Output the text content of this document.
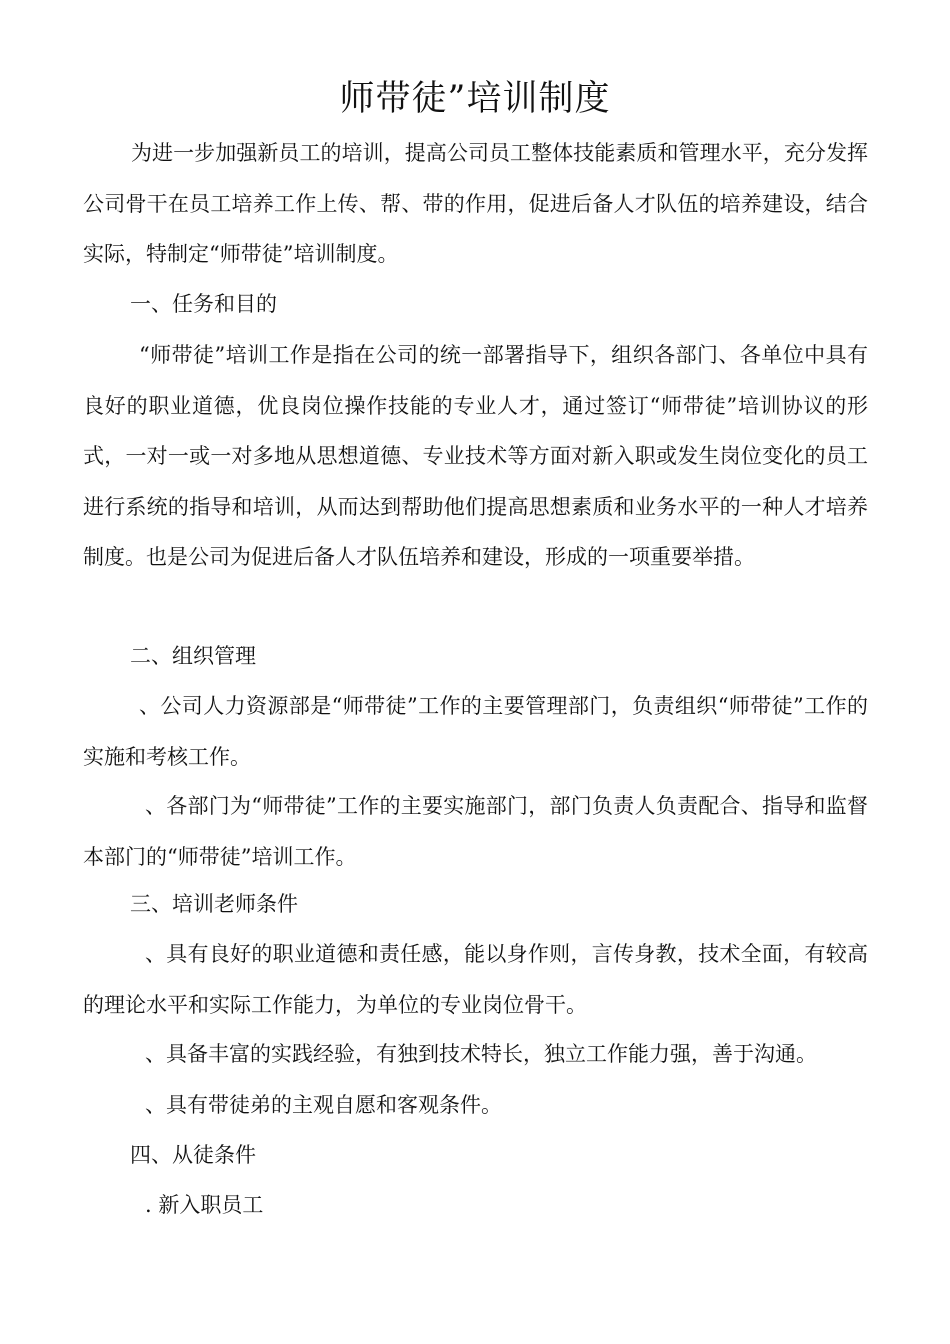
师带徒”培训制度

为进一步加强新员工的培训，提高公司员工整体技能素质和管理水平，充分发挥公司骨干在员工培养工作上传、帮、带的作用，促进后备人才队伍的培养建设，结合实际，特制定“师带徒”培训制度。

一、任务和目的

“师带徒”培训工作是指在公司的统一部署指导下，组织各部门、各单位中具有良好的职业道德，优良岗位操作技能的专业人才，通过签订“师带徒”培训协议的形式，一对一或一对多地从思想道德、专业技术等方面对新入职或发生岗位变化的员工进行系统的指导和培训，从而达到帮助他们提高思想素质和业务水平的一种人才培养制度。也是公司为促进后备人才队伍培养和建设，形成的一项重要举措。

二、组织管理

、公司人力资源部是“师带徒”工作的主要管理部门，负责组织“师带徒”工作的实施和考核工作。

、各部门为“师带徒”工作的主要实施部门，部门负责人负责配合、指导和监督本部门的“师带徒”培训工作。

三、培训老师条件

、具有良好的职业道德和责任感，能以身作则，言传身教，技术全面，有较高的理论水平和实际工作能力，为单位的专业岗位骨干。

、具备丰富的实践经验，有独到技术特长，独立工作能力强，善于沟通。

、具有带徒弟的主观自愿和客观条件。

四、从徒条件

. 新入职员工
